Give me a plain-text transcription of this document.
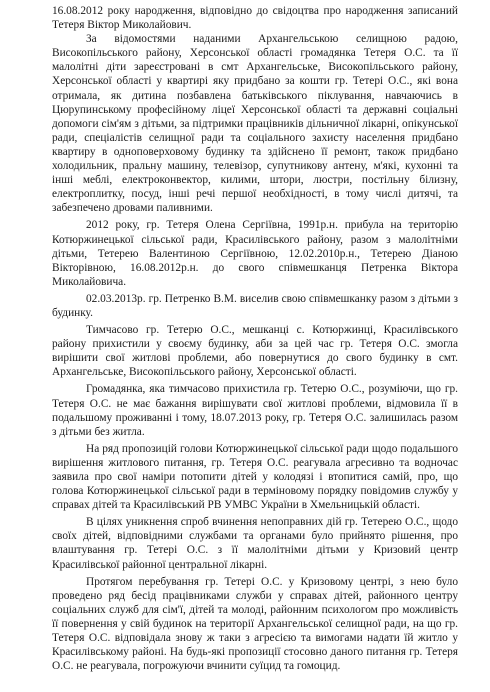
16.08.2012 року народження, відповідно до свідоцтва про народження записаний Тетеря Віктор Миколайович.

За відомостями наданими Архангельською селищною радою, Високопільського району, Херсонської області громадянка Тетеря О.С. та її малолітні діти зареєстровані в смт Архангельське, Високопільського району, Херсонської області у квартирі яку придбано за кошти гр. Тетері О.С., які вона отримала, як дитина позбавлена батьківського піклування, навчаючись в Цюрупинському професійному ліцеї Херсонської області та державні соціальні допомоги сім'ям з дітьми, за підтримки працівників дільничної лікарні, опікунської ради, спеціалістів селищної ради та соціального захисту населення придбано квартиру в одноповерховому будинку та здійснено її ремонт, також придбано холодильник, пральну машину, телевізор, супутникову антену, м'які, кухонні та інші меблі, електроконвектор, килими, штори, люстри, постільну білизну, електроплитку, посуд, інші речі першої необхідності, в тому числі дитячі, та забезпечено дровами паливними.

2012 року, гр. Тетеря Олена Сергіївна, 1991р.н. прибула на територію Котюржинецької сільської ради, Красилівського району, разом з малолітніми дітьми, Тетерею Валентиною Сергіївною, 12.02.2010р.н., Тетерею Діаною Вікторівною, 16.08.2012р.н. до свого співмешканця Петренка Віктора Миколайовича.

02.03.2013р. гр. Петренко В.М. виселив свою співмешканку разом з дітьми з будинку.

Тимчасово гр. Тетерю О.С., мешканці с. Котюржинці, Красилівського району прихистили у своєму будинку, аби за цей час гр. Тетеря О.С. змогла вирішити свої житлові проблеми, або повернутися до свого будинку в смт. Архангельське, Високопільського району, Херсонської області.

Громадянка, яка тимчасово прихистила гр. Тетерю О.С., розуміючи, що гр. Тетеря О.С. не має бажання вирішувати свої житлові проблеми, відмовила її в подальшому проживанні і тому, 18.07.2013 року, гр. Тетеря О.С. залишилась разом з дітьми без житла.

На ряд пропозицій голови Котюржинецької сільської ради щодо подальшого вирішення житлового питання, гр. Тетеря О.С. реагувала агресивно та водночас заявила про свої наміри потопити дітей у колодязі і втопитися самій, про, що голова Котюржинецької сільської ради в терміновому порядку повідомив службу у справах дітей та Красилівський РВ УМВС України в Хмельницькій області.

В цілях уникнення спроб вчинення непоправних дій гр. Тетерею О.С., щодо своїх дітей, відповідними службами та органами було прийнято рішення, про влаштування гр. Тетері О.С. з її малолітніми дітьми у Кризовий центр Красилівської районної центральної лікарні.

Протягом перебування гр. Тетері О.С. у Кризовому центрі, з нею було проведено ряд бесід працівниками служби у справах дітей, районного центру соціальних служб для сім'ї, дітей та молоді, районним психологом про можливість її повернення у свій будинок на території Архангельської селищної ради, на що гр. Тетеря О.С. відповідала знову ж таки з агресією та вимогами надати їй житло у Красилівському районі. На будь-які пропозиції стосовно даного питання гр. Тетеря О.С. не реагувала, погрожуючи вчинити суїцид та гомоцид.
